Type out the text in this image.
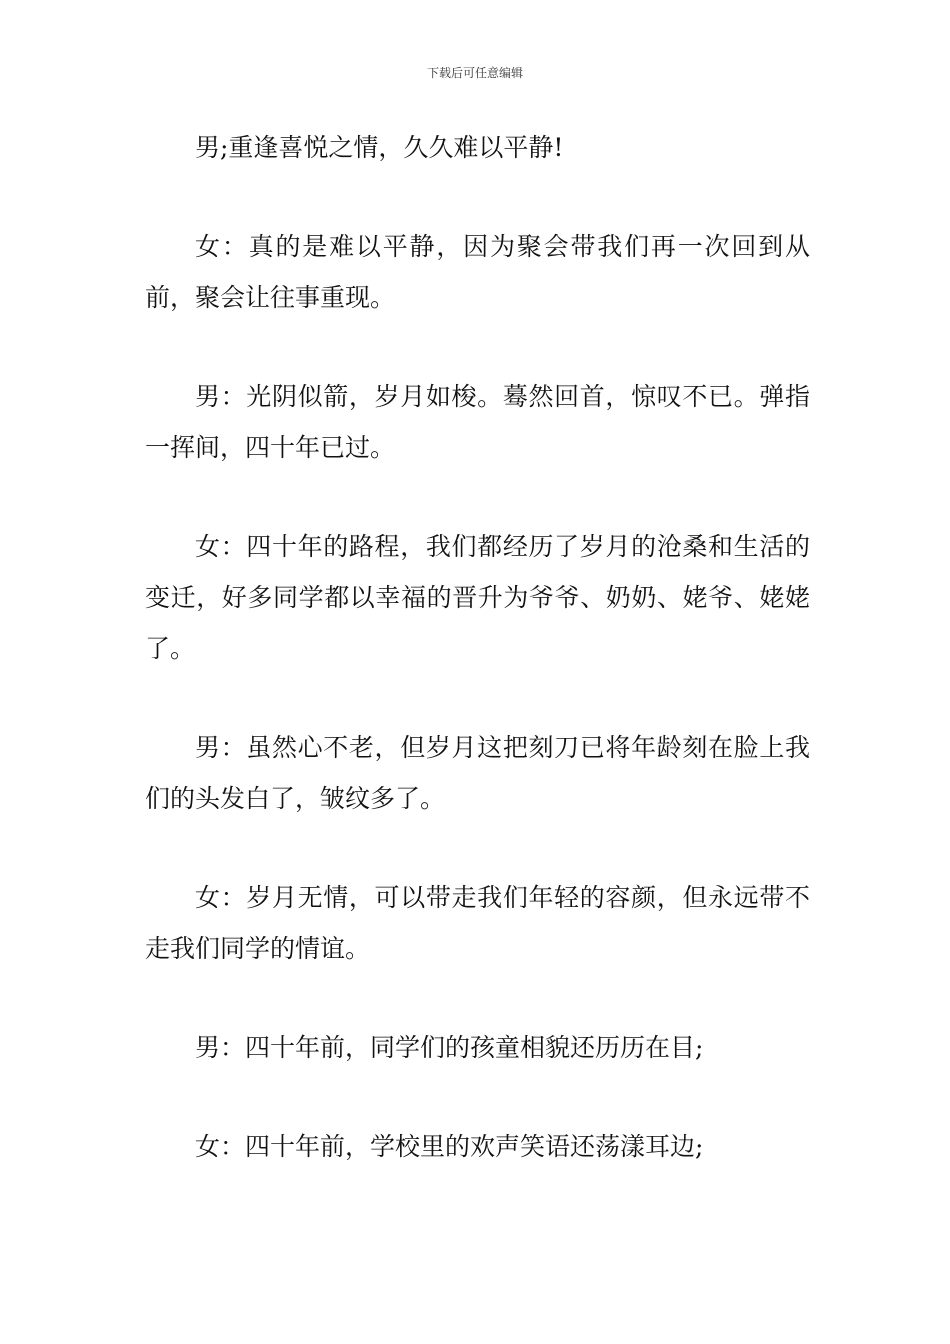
下载后可任意编辑

男;重逢喜悦之情，久久难以平静!

女：真的是难以平静，因为聚会带我们再一次回到从前，聚会让往事重现。

男：光阴似箭，岁月如梭。蓦然回首，惊叹不已。弹指一挥间，四十年已过。

女：四十年的路程，我们都经历了岁月的沧桑和生活的变迁，好多同学都以幸福的晋升为爷爷、奶奶、姥爷、姥姥了。

男：虽然心不老，但岁月这把刻刀已将年龄刻在脸上我们的头发白了，皱纹多了。

女：岁月无情，可以带走我们年轻的容颜，但永远带不走我们同学的情谊。

男：四十年前，同学们的孩童相貌还历历在目;

女：四十年前，学校里的欢声笑语还荡漾耳边;
